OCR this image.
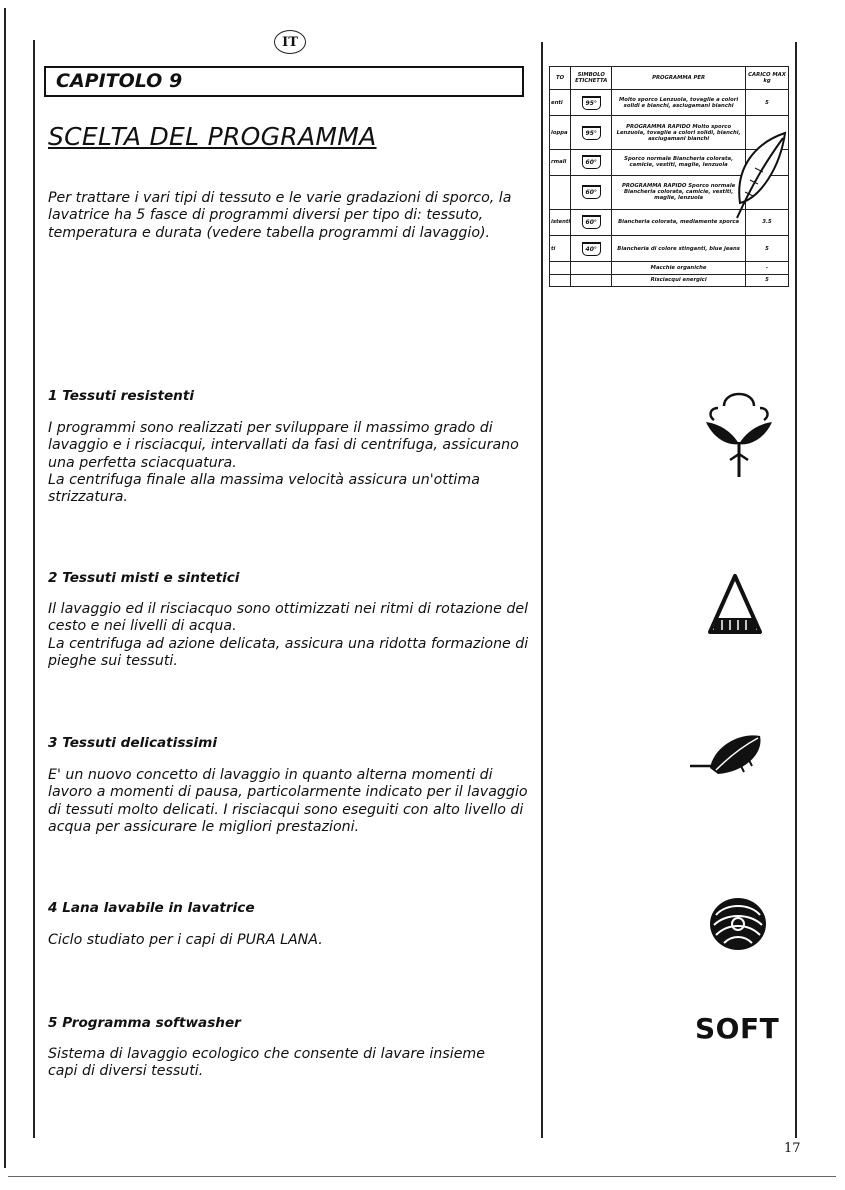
IT
CAPITOLO 9
SCELTA DEL PROGRAMMA

Per trattare i vari tipi di tessuto e le varie gradazioni di sporco, la lavatrice ha 5 fasce di programmi diversi per tipo di: tessuto, temperatura e durata (vedere tabella programmi di lavaggio).

1 Tessuti resistenti

I programmi sono realizzati per sviluppare il massimo grado di lavaggio e i risciacqui, intervallati da fasi di centrifuga, assicurano una perfetta sciacquatura.

La centrifuga finale alla massima velocità assicura un'ottima strizzatura.

2 Tessuti misti e sintetici

Il lavaggio ed il risciacquo sono ottimizzati nei ritmi di rotazione del cesto e nei livelli di acqua.

La centrifuga ad azione delicata, assicura una ridotta formazione di pieghe sui tessuti.

3 Tessuti delicatissimi

E' un nuovo concetto di lavaggio in quanto alterna momenti di lavoro a momenti di pausa, particolarmente indicato per il lavaggio di tessuti molto delicati. I risciacqui sono eseguiti con alto livello di acqua per assicurare le migliori prestazioni.

4 Lana lavabile in lavatrice

Ciclo studiato per i capi di PURA LANA.

5 Programma softwasher

Sistema di lavaggio ecologico che consente di lavare insieme capi di diversi tessuti.

TO	SIMBOLO ETICHETTA	PROGRAMMA PER	CARICO MAX kg
enti	95°	Molto sporco Lenzuola, tovaglie a colori solidi e bianchi, asciugamani bianchi	5
ioppa	95°	PROGRAMMA RAPIDO Molto sporco Lenzuola, tovaglie a colori solidi, bianchi, asciugamani bianchi	
rmali	60°	Sporco normale Biancheria colorata, camicie, vestiti, maglie, lenzuola	
	60°	PROGRAMMA RAPIDO Sporco normale Biancheria colorata, camicie, vestiti, maglie, lenzuola	
istenti	60°	Biancheria colorata, mediamente sporca	3.5
ti	40°	Biancheria di colore stinganti, blue jeans	5
		Macchie organiche	-
		Risciacqui energici	5
SOFT
17
